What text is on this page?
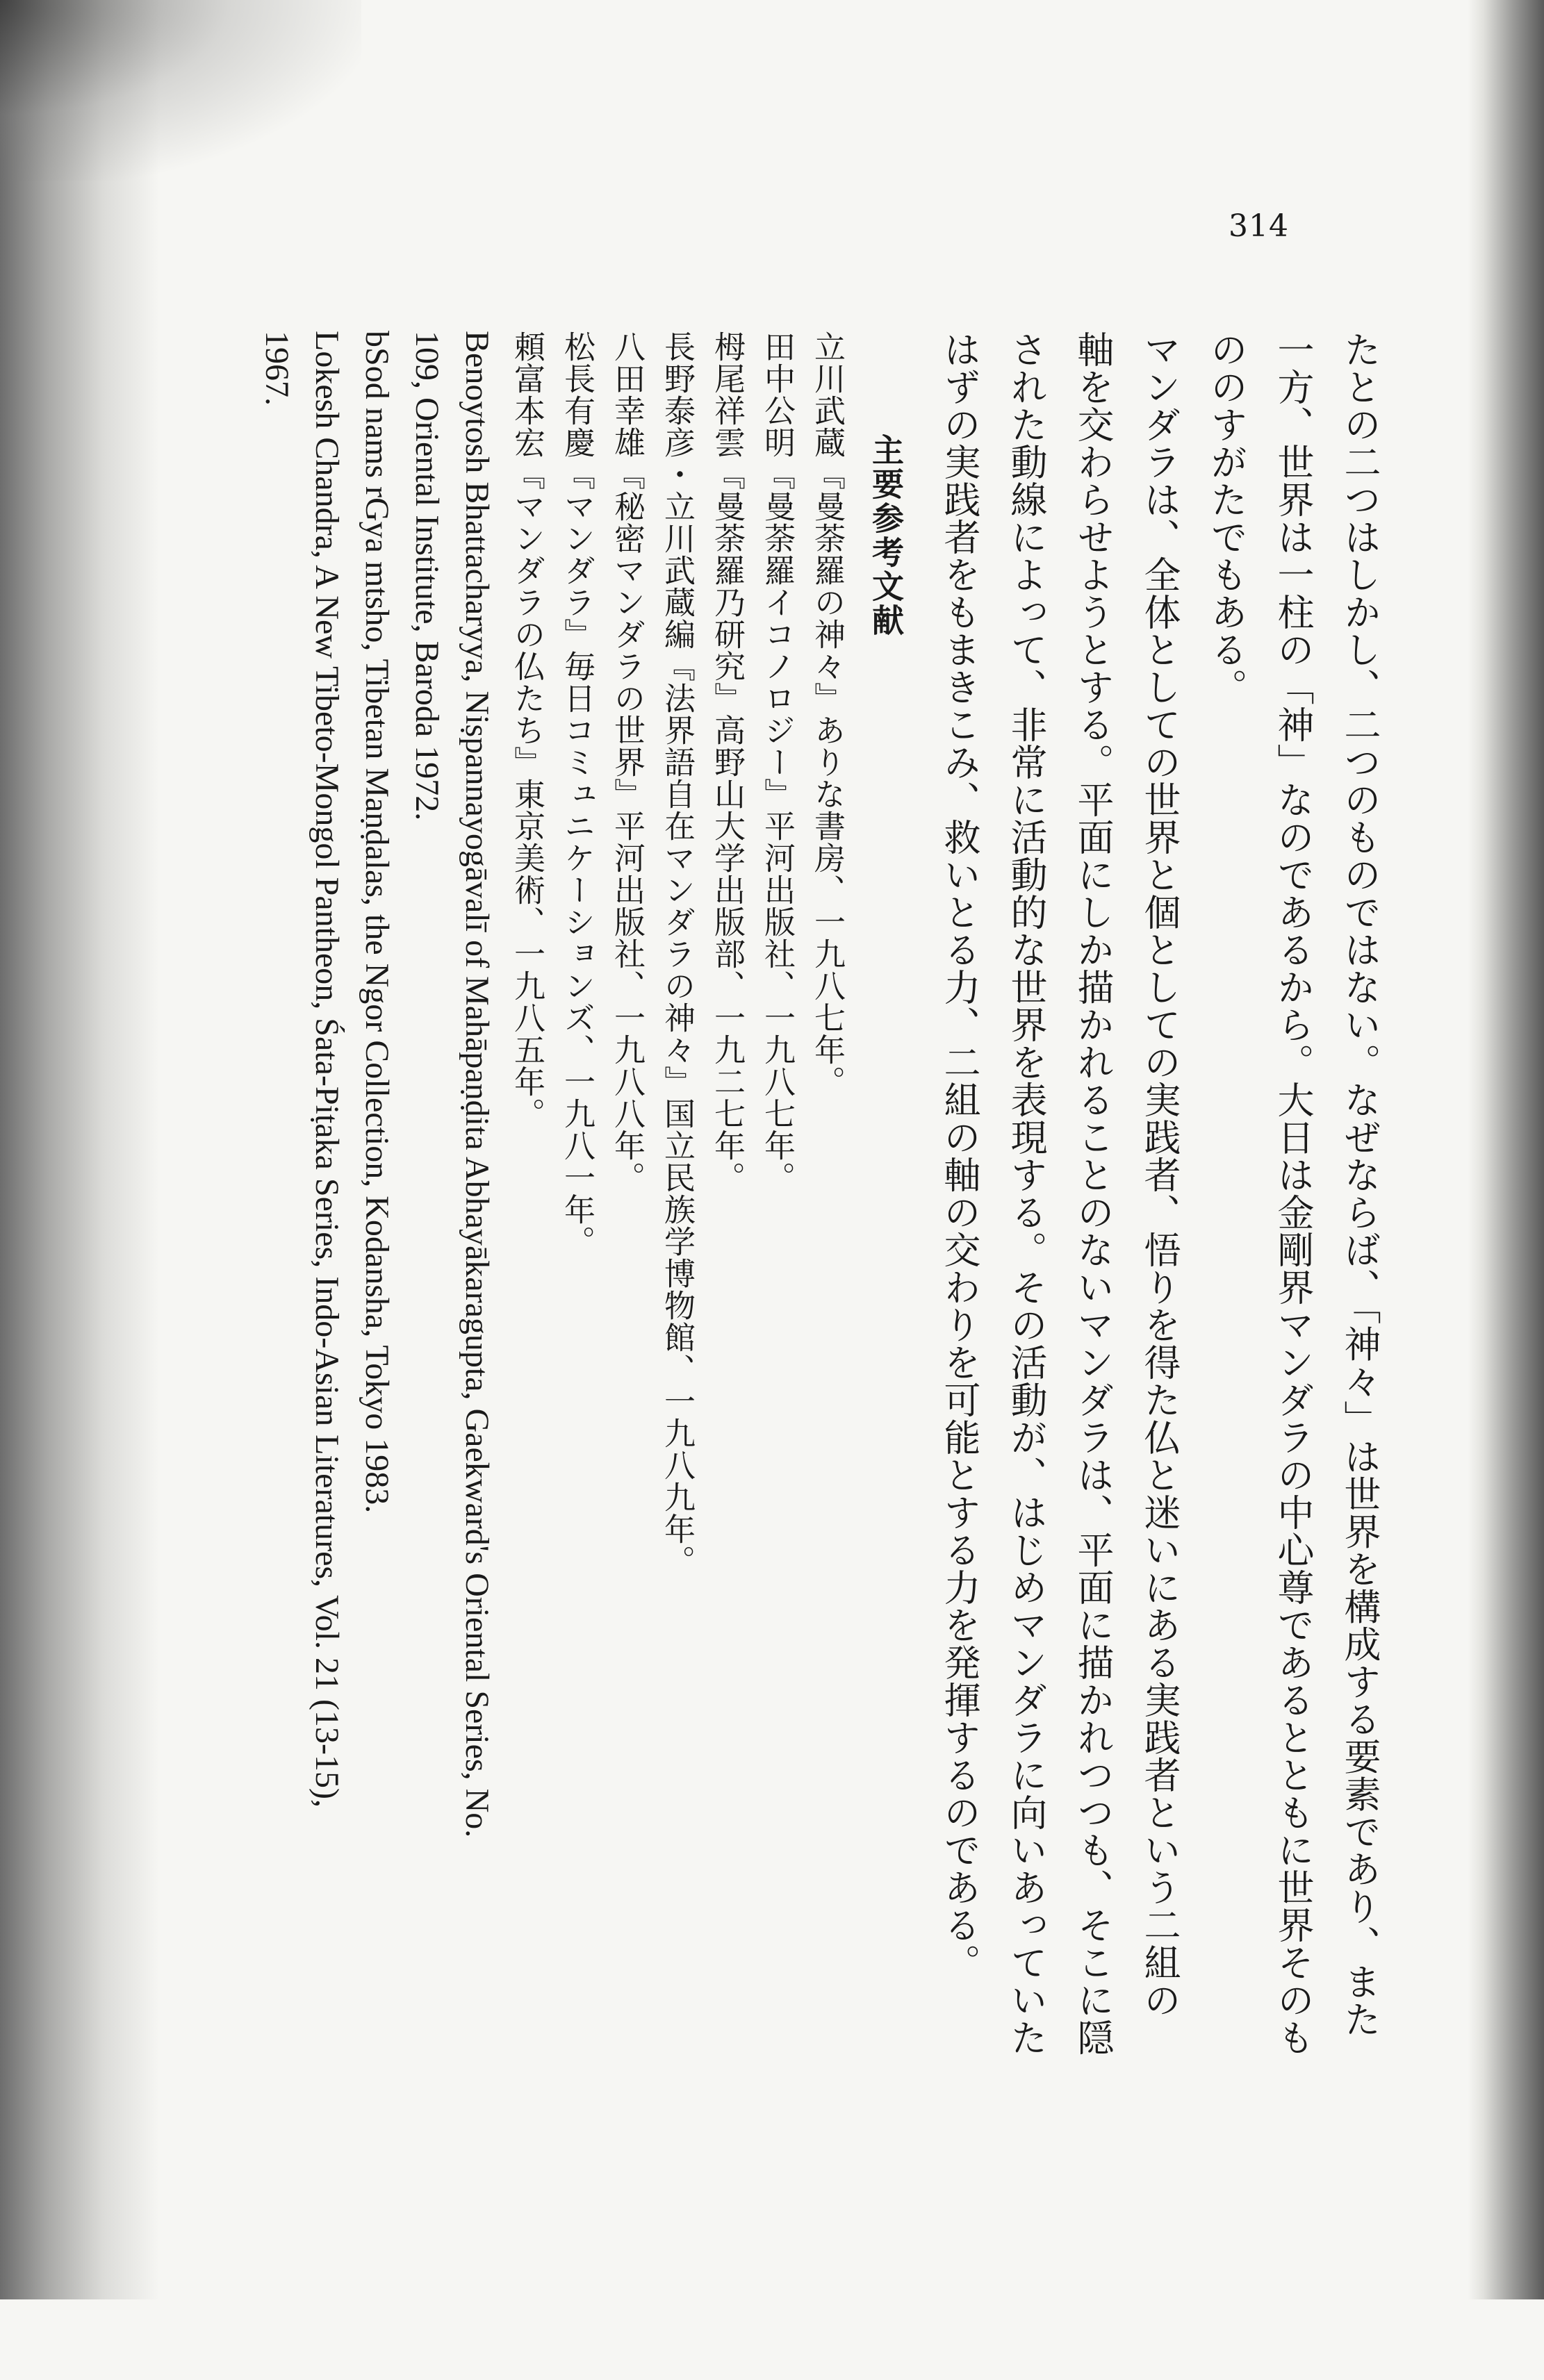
314
たとの二つはしかし、二つのものではない。なぜならば、「神々」は世界を構成する要素であり、また
一方、世界は一柱の「神」なのであるから。大日は金剛界マンダラの中心尊であるとともに世界そのも
ののすがたでもある。
マンダラは、全体としての世界と個としての実践者、悟りを得た仏と迷いにある実践者という二組の
軸を交わらせようとする。平面にしか描かれることのないマンダラは、平面に描かれつつも、そこに隠
された動線によって、非常に活動的な世界を表現する。その活動が、はじめマンダラに向いあっていた
はずの実践者をもまきこみ、救いとる力、二組の軸の交わりを可能とする力を発揮するのである。
主要参考文献
立川武蔵『曼荼羅の神々』ありな書房、一九八七年。
田中公明『曼荼羅イコノロジー』平河出版社、一九八七年。
栂尾祥雲『曼荼羅乃研究』高野山大学出版部、一九二七年。
長野泰彦・立川武蔵編『法界語自在マンダラの神々』国立民族学博物館、一九八九年。
八田幸雄『秘密マンダラの世界』平河出版社、一九八八年。
松長有慶『マンダラ』毎日コミュニケーションズ、一九八一年。
頼富本宏『マンダラの仏たち』東京美術、一九八五年。
Benoytosh Bhattacharyya, Niṣpannayogāvalī of Mahāpaṇḍita Abhayākaragupta, Gaekward's Oriental Series, No.
109, Oriental Institute, Baroda 1972.
bSod nams rGya mtsho, Tibetan Maṇḍalas, the Ngor Collection, Kodansha, Tokyo 1983.
Lokesh Chandra, A New Tibeto-Mongol Pantheon, Śata-Piṭaka Series, Indo-Asian Literatures, Vol. 21 (13-15),
1967.
